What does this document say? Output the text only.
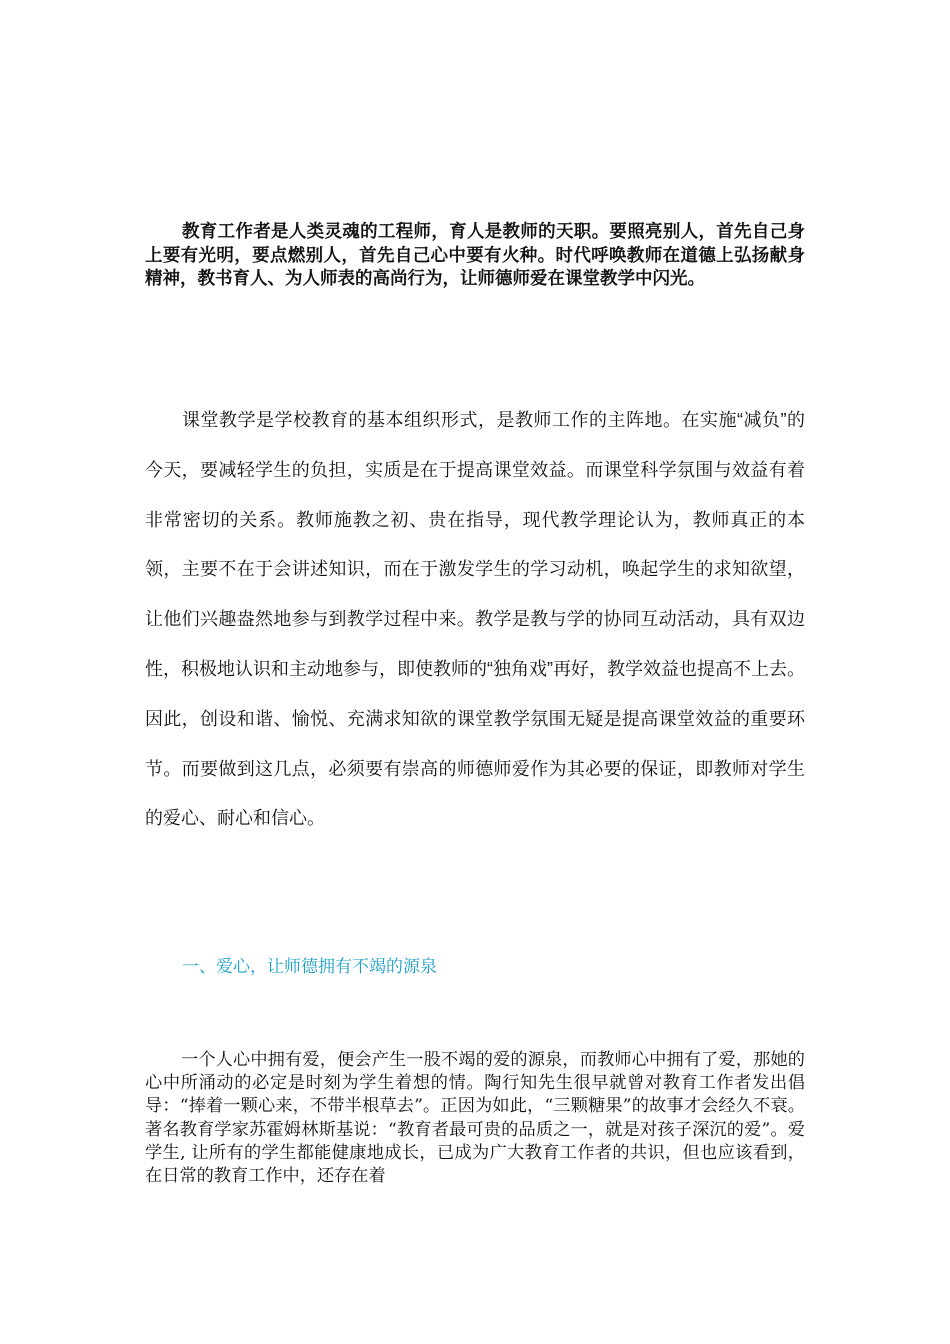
教育工作者是人类灵魂的工程师，育人是教师的天职。要照亮别人，首先自己身上要有光明，要点燃别人，首先自己心中要有火种。时代呼唤教师在道德上弘扬献身精神，教书育人、为人师表的高尚行为，让师德师爱在课堂教学中闪光。

课堂教学是学校教育的基本组织形式，是教师工作的主阵地。在实施“减负”的今天，要减轻学生的负担，实质是在于提高课堂效益。而课堂科学氛围与效益有着非常密切的关系。教师施教之初、贵在指导，现代教学理论认为，教师真正的本领，主要不在于会讲述知识，而在于激发学生的学习动机，唤起学生的求知欲望，让他们兴趣盎然地参与到教学过程中来。教学是教与学的协同互动活动，具有双边性，积极地认识和主动地参与，即使教师的“独角戏”再好，教学效益也提高不上去。因此，创设和谐、愉悦、充满求知欲的课堂教学氛围无疑是提高课堂效益的重要环节。而要做到这几点，必须要有崇高的师德师爱作为其必要的保证，即教师对学生的爱心、耐心和信心。

一、爱心，让师德拥有不竭的源泉

一个人心中拥有爱，便会产生一股不竭的爱的源泉，而教师心中拥有了爱，那她的心中所涌动的必定是时刻为学生着想的情。陶行知先生很早就曾对教育工作者发出倡导：“捧着一颗心来，不带半根草去”。正因为如此，“三颗糖果”的故事才会经久不衰。著名教育学家苏霍姆林斯基说：“教育者最可贵的品质之一，就是对孩子深沉的爱”。爱学生, 让所有的学生都能健康地成长，已成为广大教育工作者的共识，但也应该看到，在日常的教育工作中，还存在着
